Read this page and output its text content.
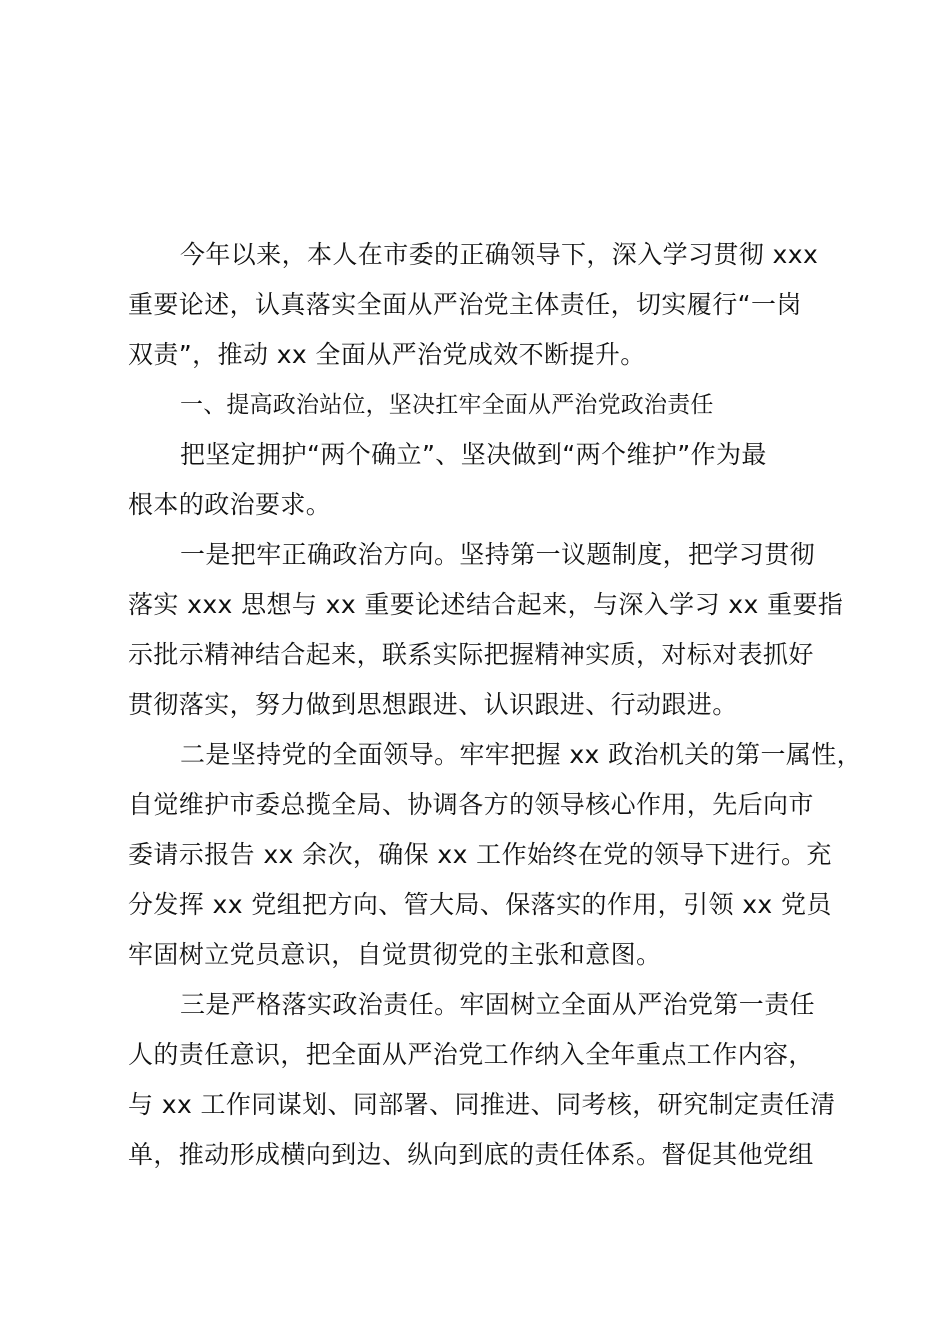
今年以来，本人在市委的正确领导下，深入学习贯彻 xxx
重要论述，认真落实全面从严治党主体责任，切实履行“一岗
双责”，推动 xx 全面从严治党成效不断提升。
一、提高政治站位，坚决扛牢全面从严治党政治责任
把坚定拥护“两个确立”、坚决做到“两个维护”作为最
根本的政治要求。
一是把牢正确政治方向。坚持第一议题制度，把学习贯彻
落实 xxx 思想与 xx 重要论述结合起来，与深入学习 xx 重要指
示批示精神结合起来，联系实际把握精神实质，对标对表抓好
贯彻落实，努力做到思想跟进、认识跟进、行动跟进。
二是坚持党的全面领导。牢牢把握 xx 政治机关的第一属性，
自觉维护市委总揽全局、协调各方的领导核心作用，先后向市
委请示报告 xx 余次，确保 xx 工作始终在党的领导下进行。充
分发挥 xx 党组把方向、管大局、保落实的作用，引领 xx 党员
牢固树立党员意识，自觉贯彻党的主张和意图。
三是严格落实政治责任。牢固树立全面从严治党第一责任
人的责任意识，把全面从严治党工作纳入全年重点工作内容，
与 xx 工作同谋划、同部署、同推进、同考核，研究制定责任清
单，推动形成横向到边、纵向到底的责任体系。督促其他党组
